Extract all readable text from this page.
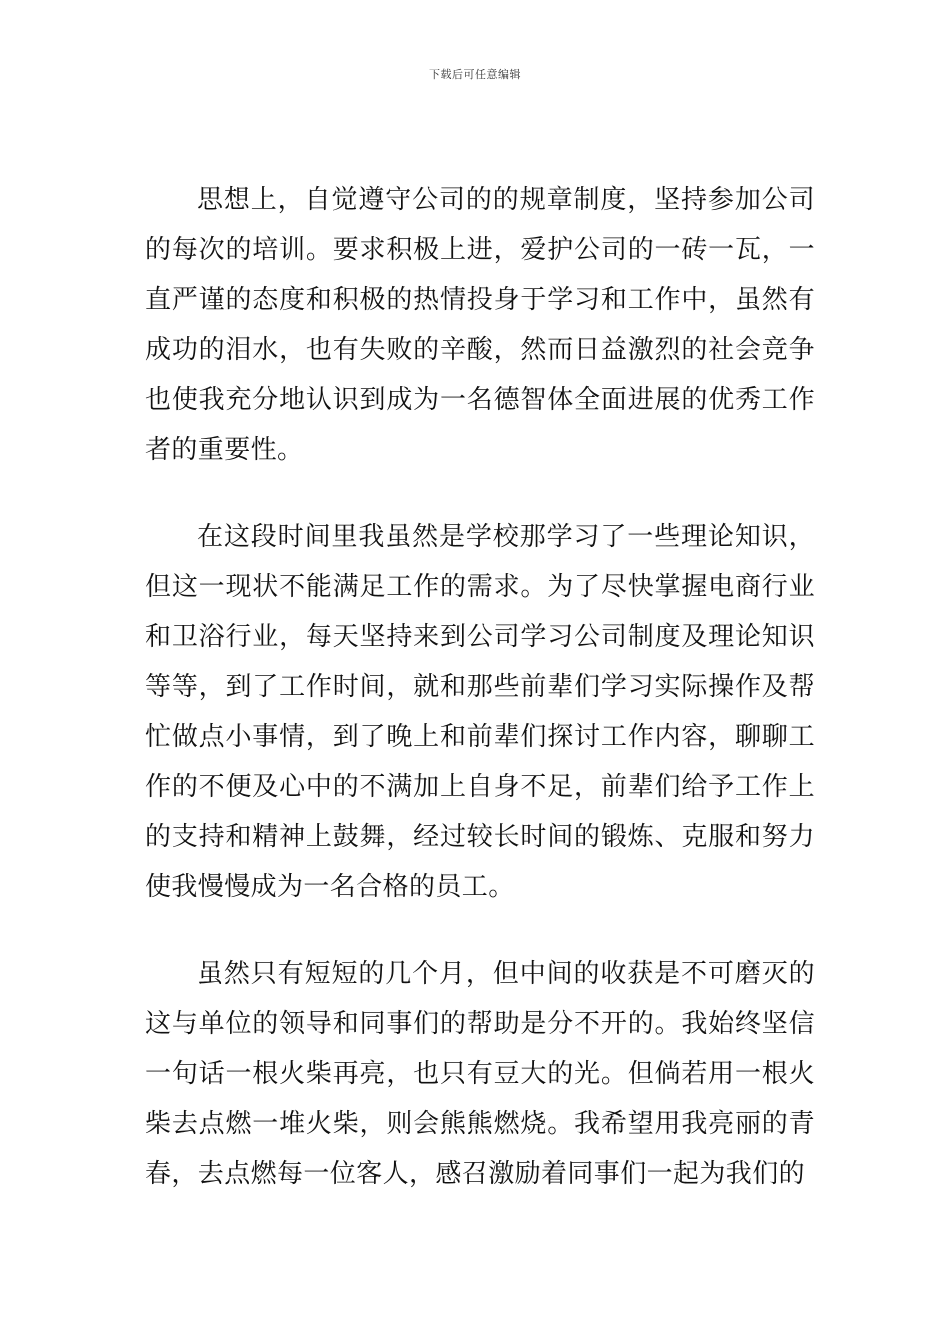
下载后可任意编辑

思想上，自觉遵守公司的的规章制度，坚持参加公司的每次的培训。要求积极上进，爱护公司的一砖一瓦，一直严谨的态度和积极的热情投身于学习和工作中，虽然有成功的泪水，也有失败的辛酸，然而日益激烈的社会竞争也使我充分地认识到成为一名德智体全面进展的优秀工作者的重要性。

在这段时间里我虽然是学校那学习了一些理论知识，但这一现状不能满足工作的需求。为了尽快掌握电商行业和卫浴行业，每天坚持来到公司学习公司制度及理论知识等等，到了工作时间，就和那些前辈们学习实际操作及帮忙做点小事情，到了晚上和前辈们探讨工作内容，聊聊工作的不便及心中的不满加上自身不足，前辈们给予工作上的支持和精神上鼓舞，经过较长时间的锻炼、克服和努力使我慢慢成为一名合格的员工。

虽然只有短短的几个月，但中间的收获是不可磨灭的这与单位的领导和同事们的帮助是分不开的。我始终坚信一句话一根火柴再亮，也只有豆大的光。但倘若用一根火柴去点燃一堆火柴，则会熊熊燃烧。我希望用我亮丽的青春，去点燃每一位客人，感召激励着同事们一起为我们的
